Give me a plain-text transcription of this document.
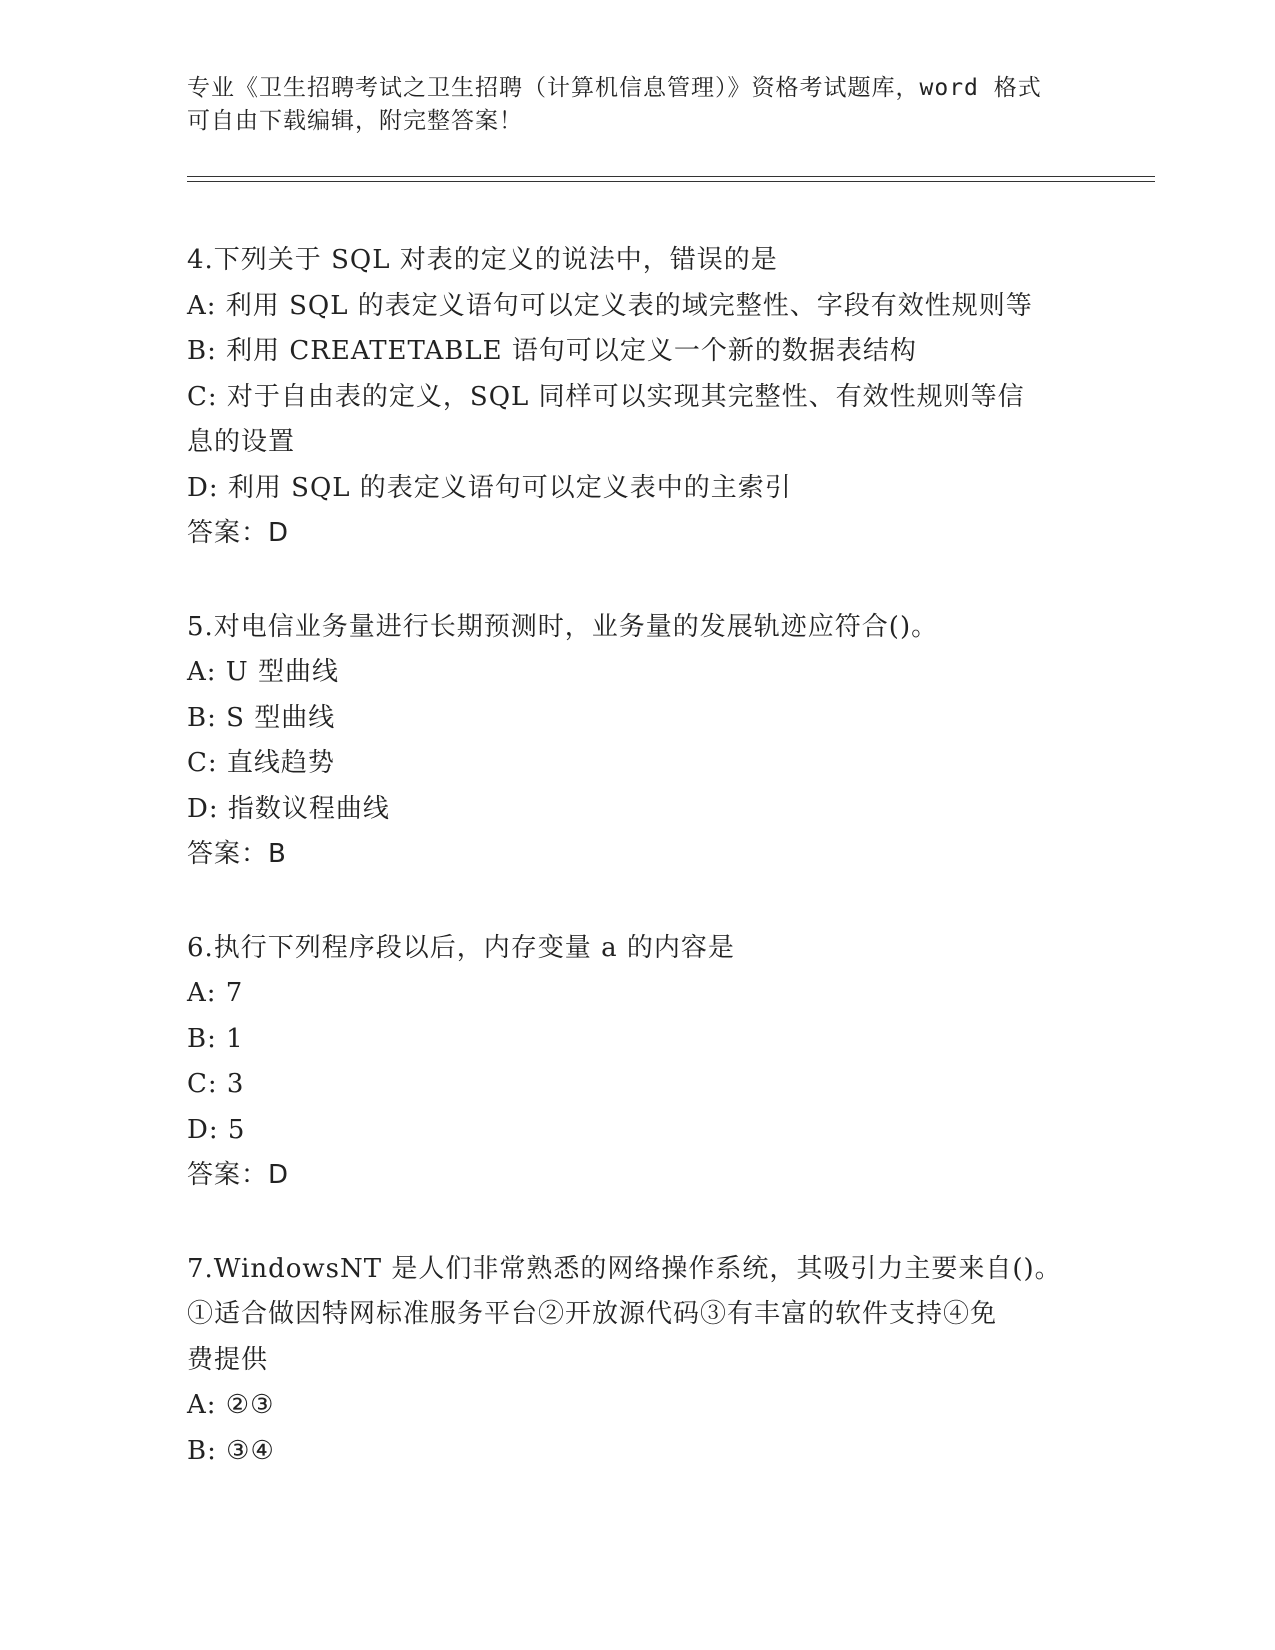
专业《卫生招聘考试之卫生招聘（计算机信息管理）》资格考试题库，word 格式
可自由下载编辑，附完整答案！
4.下列关于 SQL 对表的定义的说法中，错误的是
A: 利用 SQL 的表定义语句可以定义表的域完整性、字段有效性规则等
B: 利用 CREATETABLE 语句可以定义一个新的数据表结构
C: 对于自由表的定义，SQL 同样可以实现其完整性、有效性规则等信
息的设置
D: 利用 SQL 的表定义语句可以定义表中的主索引
答案：D
5.对电信业务量进行长期预测时，业务量的发展轨迹应符合()。
A: U 型曲线
B: S 型曲线
C: 直线趋势
D: 指数议程曲线
答案：B
6.执行下列程序段以后，内存变量 a 的内容是
A: 7
B: 1
C: 3
D: 5
答案：D
7.WindowsNT 是人们非常熟悉的网络操作系统，其吸引力主要来自()。
①适合做因特网标准服务平台②开放源代码③有丰富的软件支持④免
费提供
A: ②③
B: ③④
